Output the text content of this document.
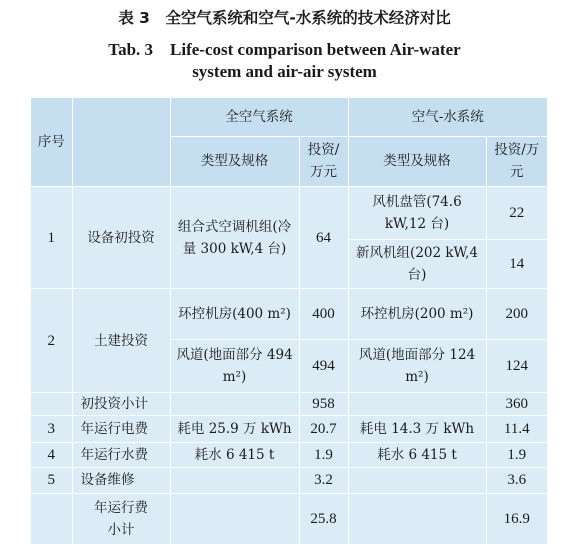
表 3　全空气系统和空气-水系统的技术经济对比
Tab. 3　Life-cost comparison between Air-water
system and air-air system
序号		全空气系统		空气-水系统	
		类型及规格	投资/万元	类型及规格	投资/万元
1	设备初投资	组合式空调机组(冷量 300 kW,4 台)	64	风机盘管(74.6 kW,12 台)	22
				新风机组(202 kW,4 台)	14
2	土建投资	环控机房(400 m²)	400	环控机房(200 m²)	200
		风道(地面部分 494 m²)	494	风道(地面部分 124 m²)	124
	初投资小计		958		360
3	年运行电费	耗电 25.9 万 kWh	20.7	耗电 14.3 万 kWh	11.4
4	年运行水费	耗水 6 415 t	1.9	耗水 6 415 t	1.9
5	设备维修		3.2		3.6

	年运行费小计		25.8		16.9
